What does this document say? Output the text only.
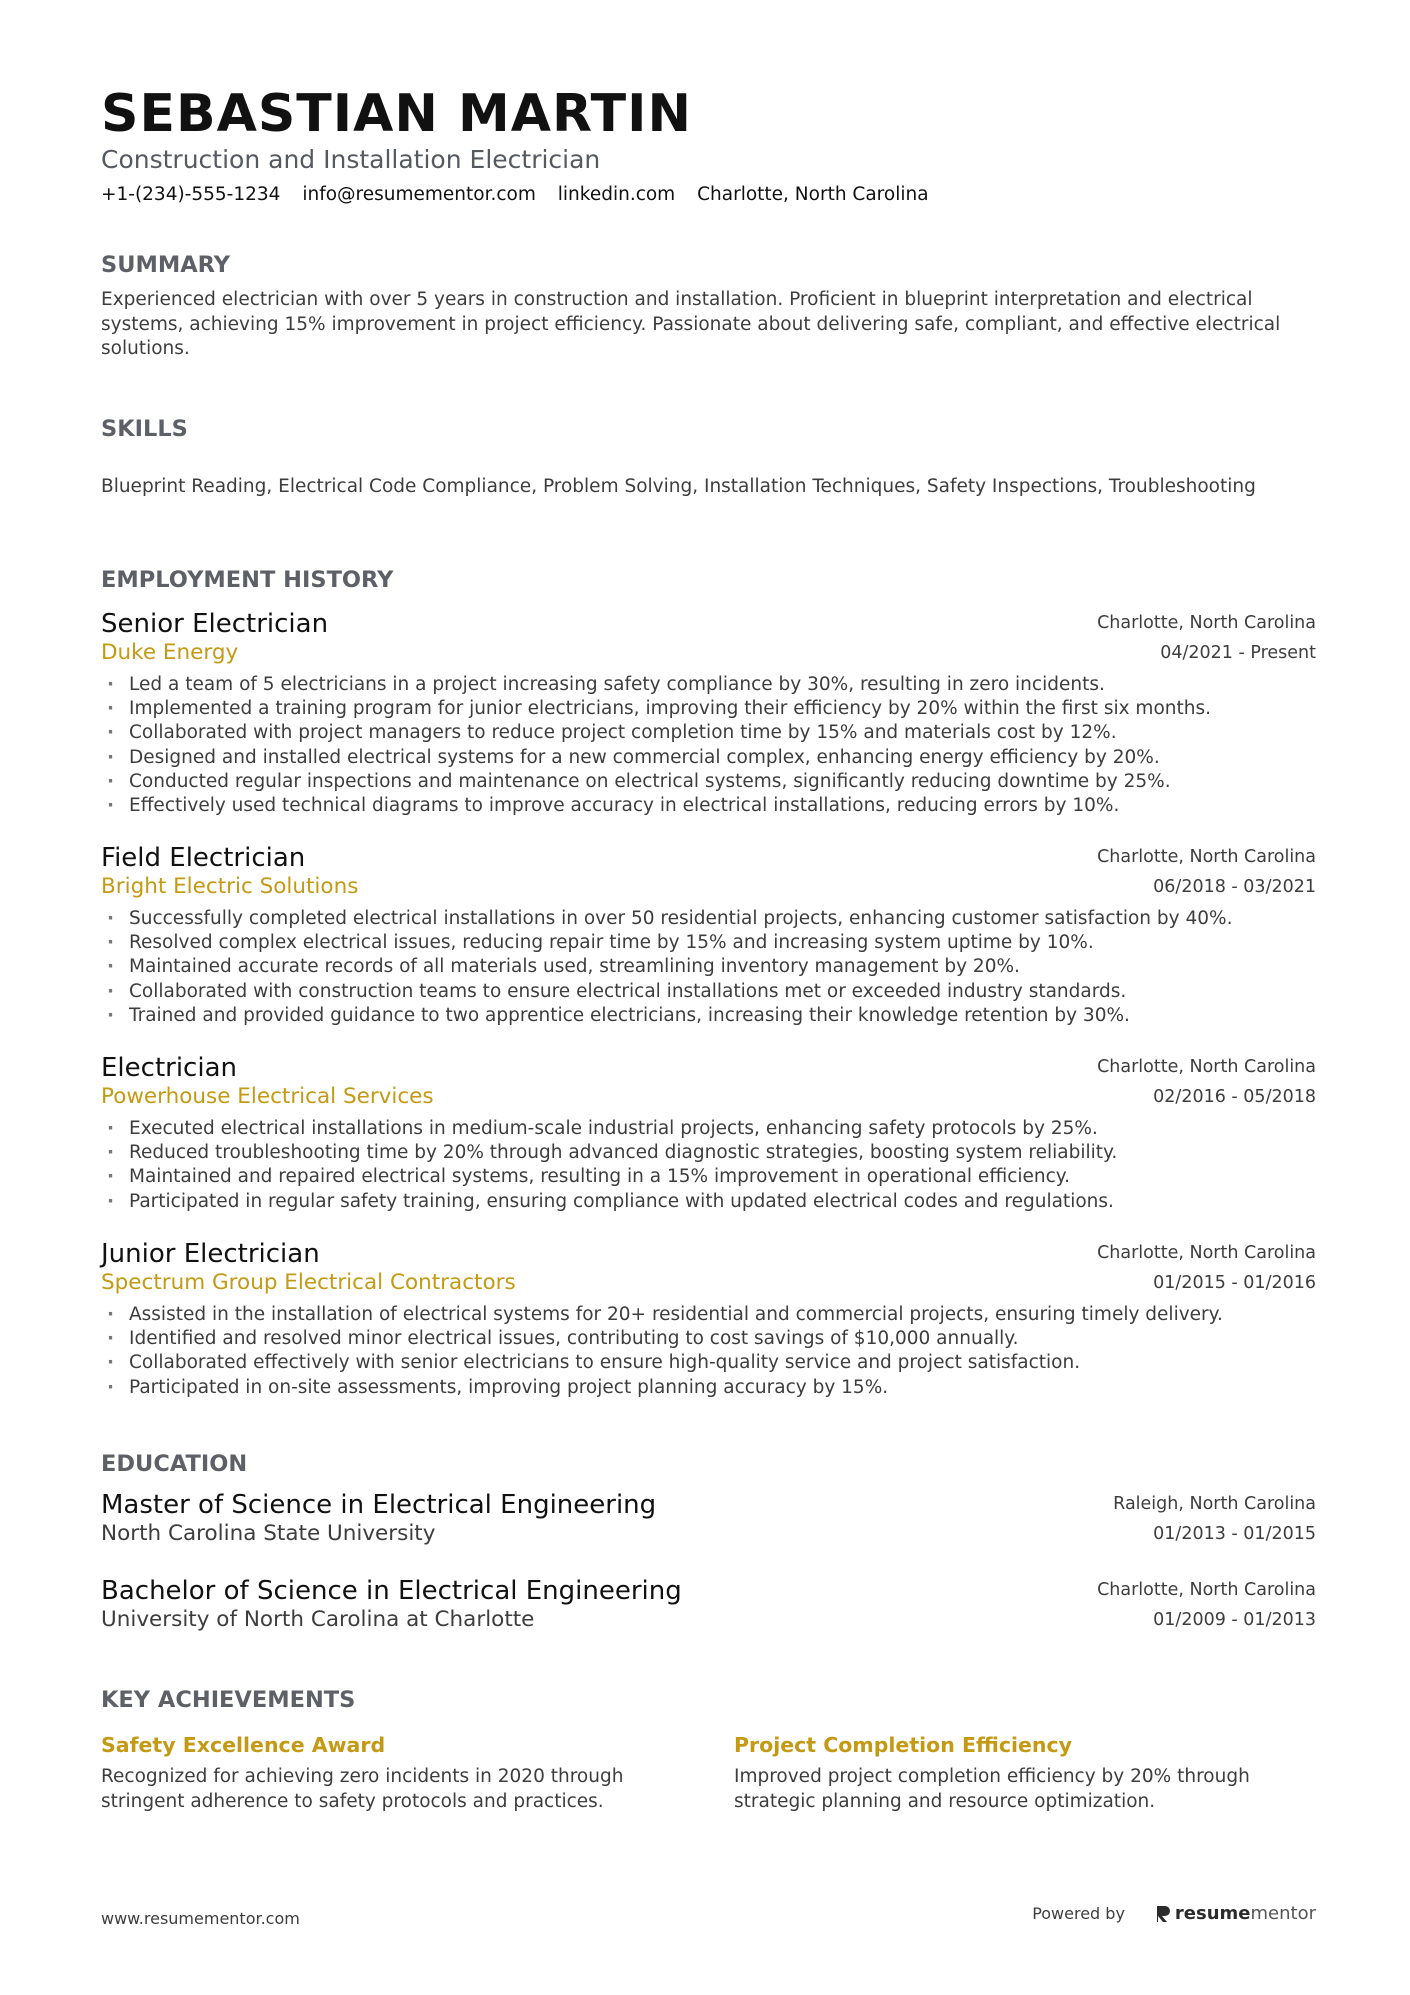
SEBASTIAN MARTIN
Construction and Installation Electrician
+1-(234)-555-1234 info@resumementor.com linkedin.com Charlotte, North Carolina
SUMMARY
Experienced electrician with over 5 years in construction and installation. Proficient in blueprint interpretation and electrical systems, achieving 15% improvement in project efficiency. Passionate about delivering safe, compliant, and effective electrical solutions.
SKILLS
Blueprint Reading, Electrical Code Compliance, Problem Solving, Installation Techniques, Safety Inspections, Troubleshooting
EMPLOYMENT HISTORY
Senior Electrician
Duke Energy
Charlotte, North Carolina
04/2021 - Present
· Led a team of 5 electricians in a project increasing safety compliance by 30%, resulting in zero incidents.
· Implemented a training program for junior electricians, improving their efficiency by 20% within the first six months.
· Collaborated with project managers to reduce project completion time by 15% and materials cost by 12%.
· Designed and installed electrical systems for a new commercial complex, enhancing energy efficiency by 20%.
· Conducted regular inspections and maintenance on electrical systems, significantly reducing downtime by 25%.
· Effectively used technical diagrams to improve accuracy in electrical installations, reducing errors by 10%.
Field Electrician
Bright Electric Solutions
Charlotte, North Carolina
06/2018 - 03/2021
· Successfully completed electrical installations in over 50 residential projects, enhancing customer satisfaction by 40%.
· Resolved complex electrical issues, reducing repair time by 15% and increasing system uptime by 10%.
· Maintained accurate records of all materials used, streamlining inventory management by 20%.
· Collaborated with construction teams to ensure electrical installations met or exceeded industry standards.
· Trained and provided guidance to two apprentice electricians, increasing their knowledge retention by 30%.
Electrician
Powerhouse Electrical Services
Charlotte, North Carolina
02/2016 - 05/2018
· Executed electrical installations in medium-scale industrial projects, enhancing safety protocols by 25%.
· Reduced troubleshooting time by 20% through advanced diagnostic strategies, boosting system reliability.
· Maintained and repaired electrical systems, resulting in a 15% improvement in operational efficiency.
· Participated in regular safety training, ensuring compliance with updated electrical codes and regulations.
Junior Electrician
Spectrum Group Electrical Contractors
Charlotte, North Carolina
01/2015 - 01/2016
· Assisted in the installation of electrical systems for 20+ residential and commercial projects, ensuring timely delivery.
· Identified and resolved minor electrical issues, contributing to cost savings of $10,000 annually.
· Collaborated effectively with senior electricians to ensure high-quality service and project satisfaction.
· Participated in on-site assessments, improving project planning accuracy by 15%.
EDUCATION
Master of Science in Electrical Engineering
North Carolina State University
Raleigh, North Carolina
01/2013 - 01/2015
Bachelor of Science in Electrical Engineering
University of North Carolina at Charlotte
Charlotte, North Carolina
01/2009 - 01/2013
KEY ACHIEVEMENTS
Safety Excellence Award
Recognized for achieving zero incidents in 2020 through stringent adherence to safety protocols and practices.
Project Completion Efficiency
Improved project completion efficiency by 20% through strategic planning and resource optimization.
www.resumementor.com	Powered by	resume mentor
